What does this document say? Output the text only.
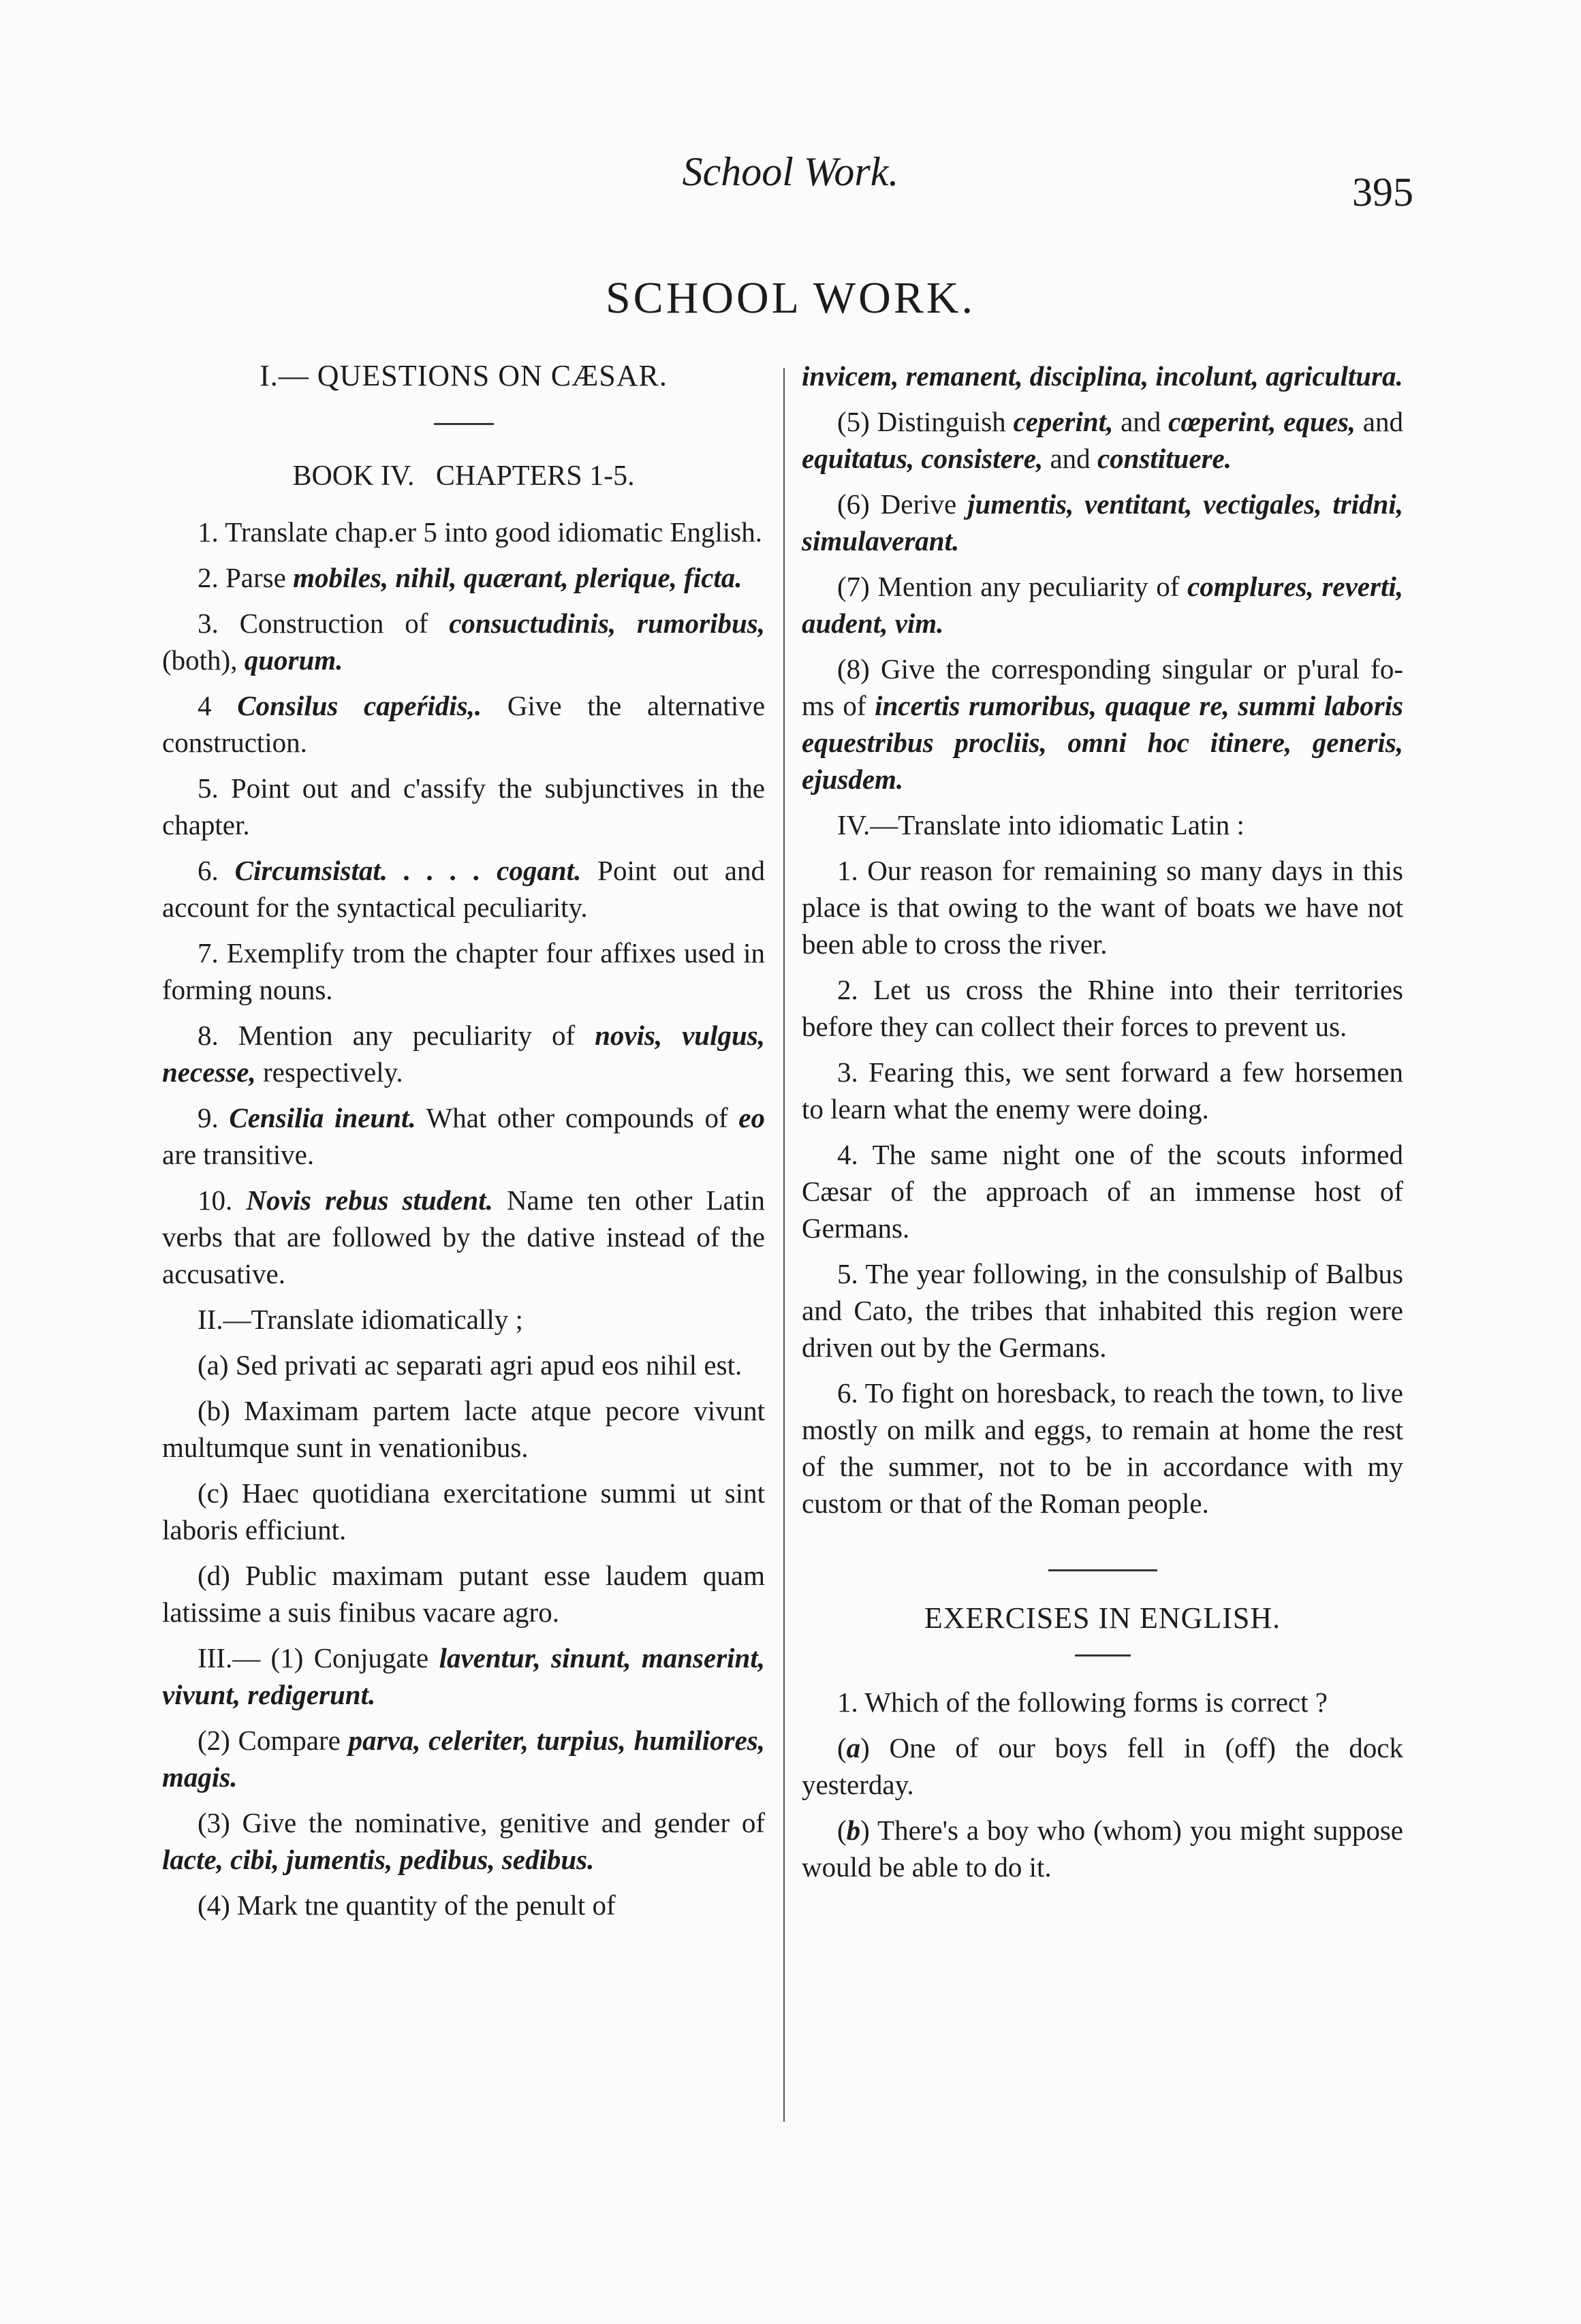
School Work.	395
SCHOOL WORK.
I.— QUESTIONS ON CÆSAR.
BOOK IV. CHAPTERS 1-5.

1. Translate chap.er 5 into good idiomatic English.

2. Parse mobiles, nihil, quærant, plerique, ficta.

3. Construction of consuctudinis, rumoribus, (both), quorum.

4 Consilus capeŕidis,. Give the alternative construction.

5. Point out and c'assify the subjunctives in the chapter.

6. Circumsistat. . . . . cogant. Point out and account for the syntactical peculiarity.

7. Exemplify trom the chapter four affixes used in forming nouns.

8. Mention any peculiarity of novis, vulgus, necesse, respectively.

9. Censilia ineunt. What other compounds of eo are transitive.

10. Novis rebus student. Name ten other Latin verbs that are followed by the dative instead of the accusative.

II.—Translate idiomatically ;

(a) Sed privati ac separati agri apud eos nihil est.

(b) Maximam partem lacte atque pecore vivunt multumque sunt in venationibus.

(c) Haec quotidiana exercitatione summi ut sint laboris efficiunt.

(d) Public maximam putant esse laudem quam latissime a suis finibus vacare agro.

III.— (1) Conjugate laventur, sinunt, manserint, vivunt, redigerunt.

(2) Compare parva, celeriter, turpius, humiliores, magis.

(3) Give the nominative, genitive and gender of lacte, cibi, jumentis, pedibus, sedibus.

(4) Mark tne quantity of the penult of

invicem, remanent, disciplina, incolunt, agricultura.

(5) Distinguish ceperint, and cœperint, eques, and equitatus, consistere, and constituere.

(6) Derive jumentis, ventitant, vectigales, tridni, simulaverant.

(7) Mention any peculiarity of complures, reverti, audent, vim.

(8) Give the corresponding singular or p'ural fo-ms of incertis rumoribus, quaque re, summi laboris equestribus procliis, omni hoc itinere, generis, ejusdem.

IV.—Translate into idiomatic Latin :

1. Our reason for remaining so many days in this place is that owing to the want of boats we have not been able to cross the river.

2. Let us cross the Rhine into their territories before they can collect their forces to prevent us.

3. Fearing this, we sent forward a few horsemen to learn what the enemy were doing.

4. The same night one of the scouts informed Cæsar of the approach of an immense host of Germans.

5. The year following, in the consulship of Balbus and Cato, the tribes that inhabited this region were driven out by the Germans.

6. To fight on horesback, to reach the town, to live mostly on milk and eggs, to remain at home the rest of the summer, not to be in accordance with my custom or that of the Roman people.

EXERCISES IN ENGLISH.

1. Which of the following forms is correct ?

(a) One of our boys fell in (off) the dock yesterday.

(b) There's a boy who (whom) you might suppose would be able to do it.
